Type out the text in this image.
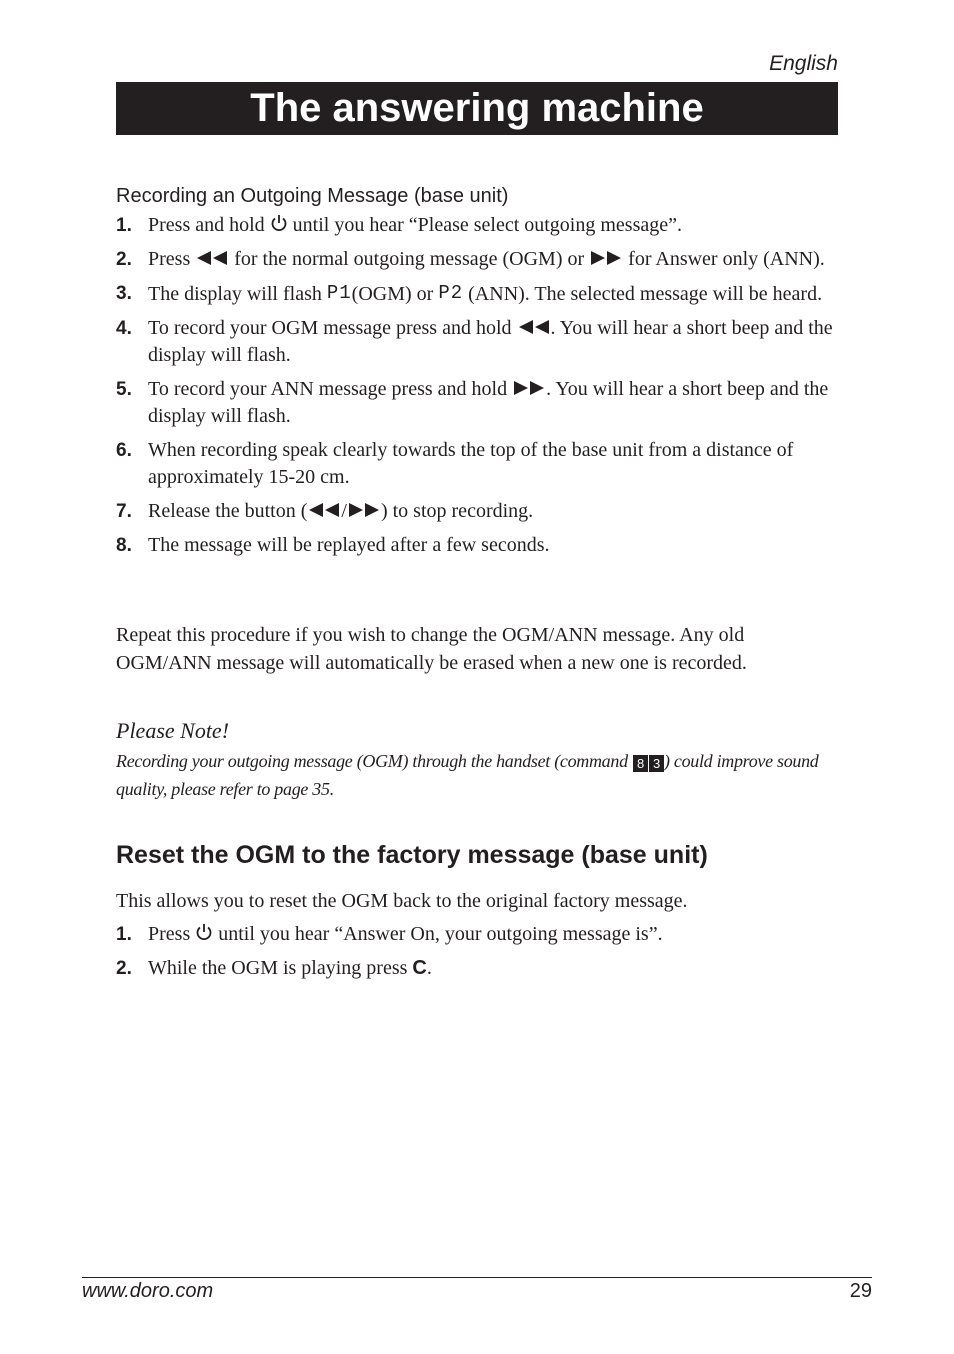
English
The answering machine
Recording an Outgoing Message (base unit)
1. Press and hold  until you hear “Please select outgoing message”.
2. Press  for the normal outgoing message (OGM) or  for Answer only (ANN).
3. The display will flash P1(OGM) or P2 (ANN). The selected message will be heard.
4. To record your OGM message press and hold . You will hear a short beep and the display will flash.
5. To record your ANN message press and hold . You will hear a short beep and the display will flash.
6. When recording speak clearly towards the top of the base unit from a distance of approximately 15-20 cm.
7. Release the button ( / ) to stop recording.
8. The message will be replayed after a few seconds.
Repeat this procedure if you wish to change the OGM/ANN message. Any old OGM/ANN message will automatically be erased when a new one is recorded.
Please Note!
Recording your outgoing message (OGM) through the handset (command 8 3 ) could improve sound quality, please refer to page 35.
Reset the OGM to the factory message (base unit)
This allows you to reset the OGM back to the original factory message.
1. Press  until you hear “Answer On, your outgoing message is”.
2. While the OGM is playing press C.
www.doro.com	29
